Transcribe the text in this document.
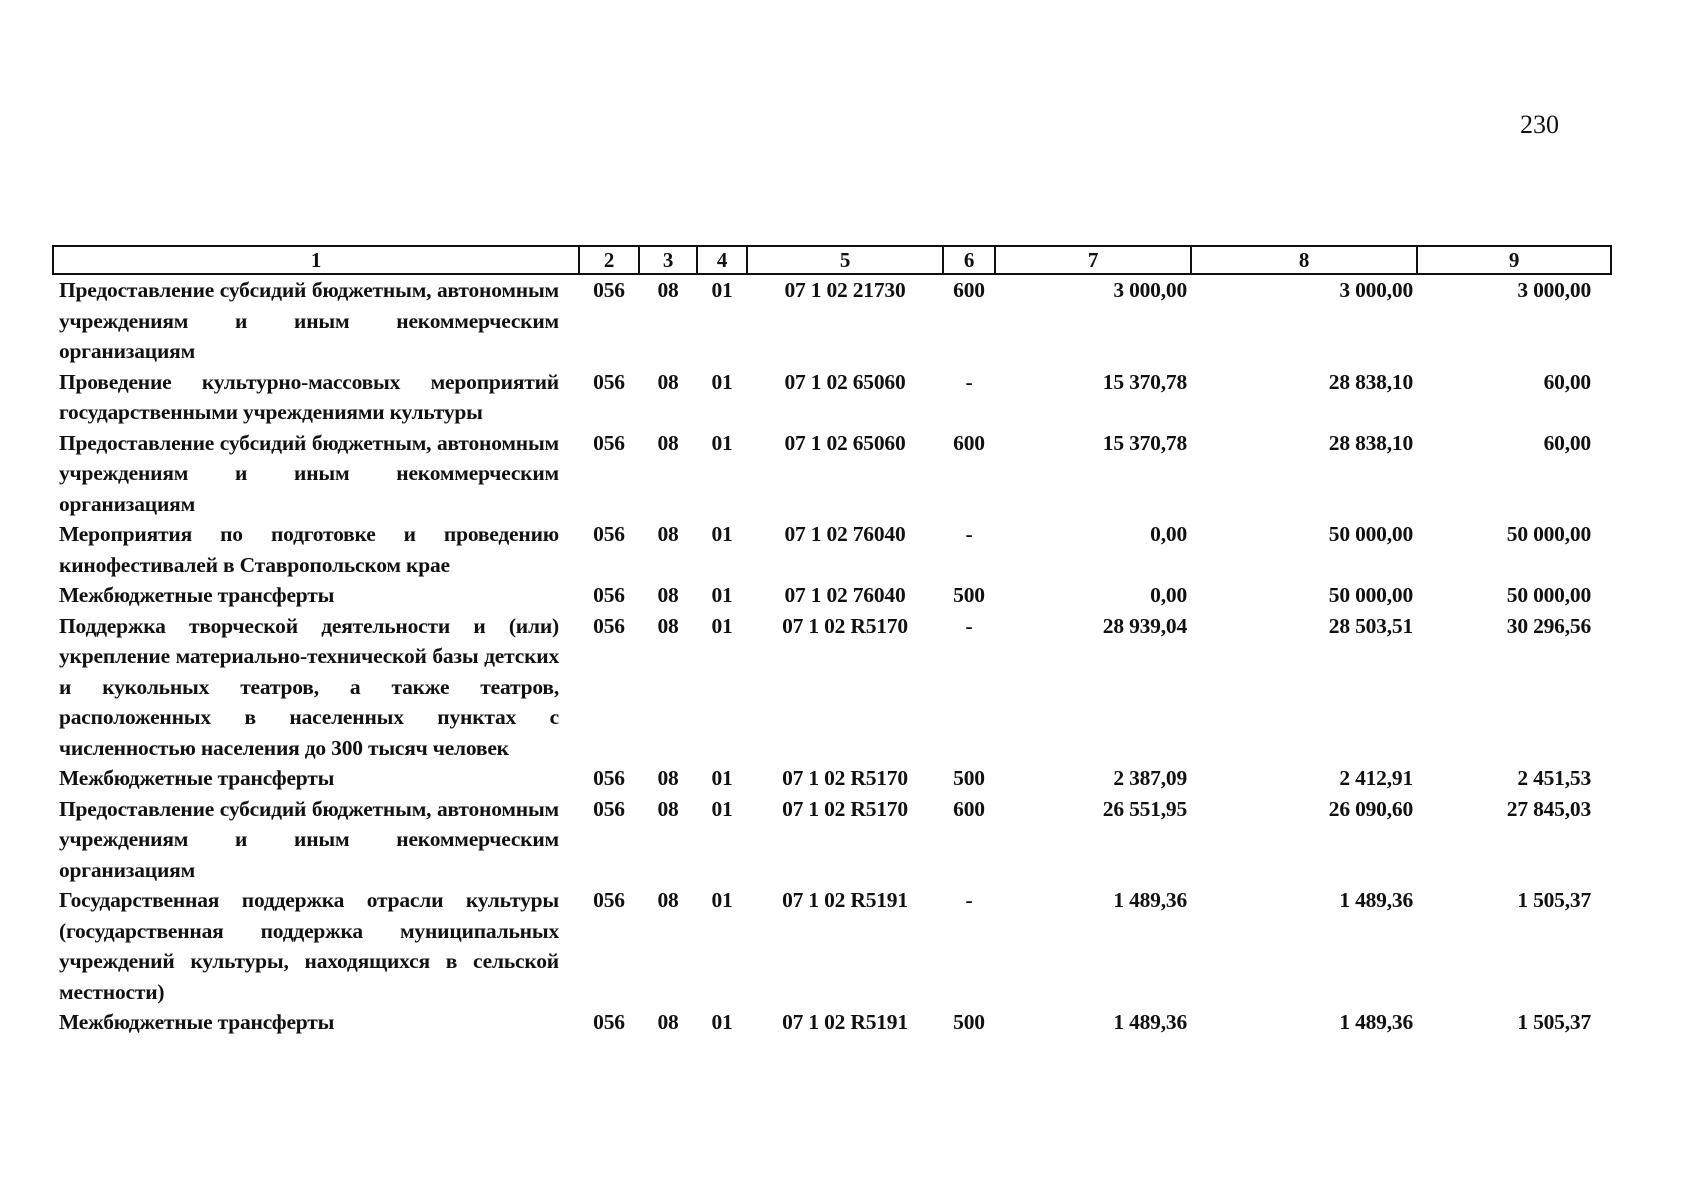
230
1	2	3	4	5	6	7	8	9
Предоставление субсидий бюджетным, автономным учреждениям и иным некоммерческим организациям	056	08	01	07 1 02 21730	600	3 000,00	3 000,00	3 000,00
Проведение культурно-массовых мероприятий государственными учреждениями культуры	056	08	01	07 1 02 65060	-	15 370,78	28 838,10	60,00
Предоставление субсидий бюджетным, автономным учреждениям и иным некоммерческим организациям	056	08	01	07 1 02 65060	600	15 370,78	28 838,10	60,00
Мероприятия по подготовке и проведению кинофестивалей в Ставропольском крае	056	08	01	07 1 02 76040	-	0,00	50 000,00	50 000,00
Межбюджетные трансферты	056	08	01	07 1 02 76040	500	0,00	50 000,00	50 000,00
Поддержка творческой деятельности и (или) укрепление материально-технической базы детских и кукольных театров, а также театров, расположенных в населенных пунктах с численностью населения до 300 тысяч человек	056	08	01	07 1 02 R5170	-	28 939,04	28 503,51	30 296,56
Межбюджетные трансферты	056	08	01	07 1 02 R5170	500	2 387,09	2 412,91	2 451,53
Предоставление субсидий бюджетным, автономным учреждениям и иным некоммерческим организациям	056	08	01	07 1 02 R5170	600	26 551,95	26 090,60	27 845,03
Государственная поддержка отрасли культуры (государственная поддержка муниципальных учреждений культуры, находящихся в сельской местности)	056	08	01	07 1 02 R5191	-	1 489,36	1 489,36	1 505,37
Межбюджетные трансферты	056	08	01	07 1 02 R5191	500	1 489,36	1 489,36	1 505,37
